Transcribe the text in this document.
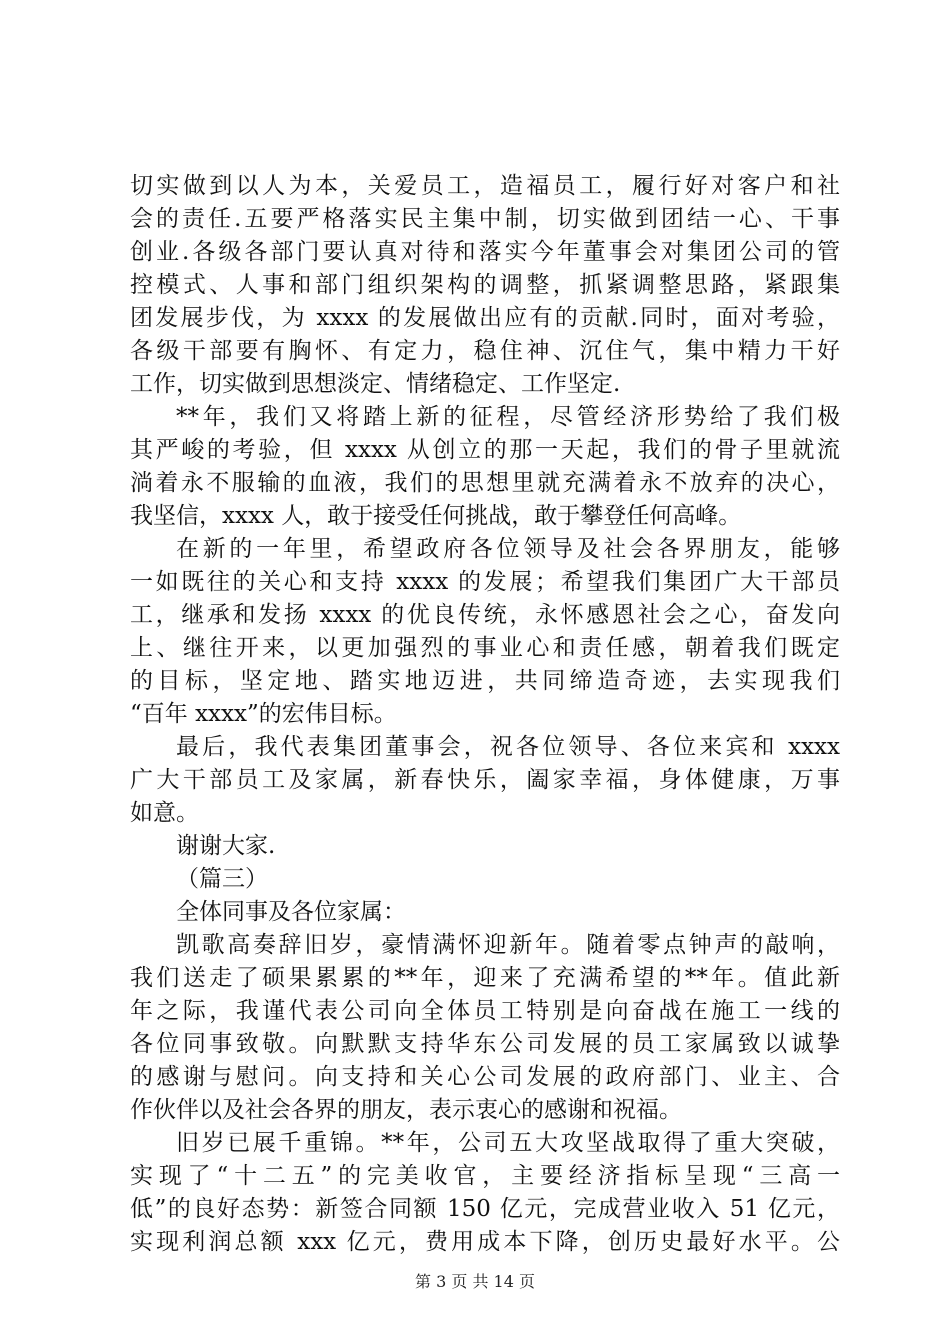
切实做到以人为本，关爱员工，造福员工，履行好对客户和社
会的责任.五要严格落实民主集中制，切实做到团结一心、干事
创业.各级各部门要认真对待和落实今年董事会对集团公司的管
控模式、人事和部门组织架构的调整，抓紧调整思路，紧跟集
团发展步伐，为 xxxx 的发展做出应有的贡献.同时，面对考验，
各级干部要有胸怀、有定力，稳住神、沉住气，集中精力干好
工作，切实做到思想淡定、情绪稳定、工作坚定.
**年，我们又将踏上新的征程，尽管经济形势给了我们极
其严峻的考验，但 xxxx 从创立的那一天起，我们的骨子里就流
淌着永不服输的血液，我们的思想里就充满着永不放弃的决心，
我坚信，xxxx 人，敢于接受任何挑战，敢于攀登任何高峰。
在新的一年里，希望政府各位领导及社会各界朋友，能够
一如既往的关心和支持 xxxx 的发展；希望我们集团广大干部员
工，继承和发扬 xxxx 的优良传统，永怀感恩社会之心，奋发向
上、继往开来，以更加强烈的事业心和责任感，朝着我们既定
的目标，坚定地、踏实地迈进，共同缔造奇迹，去实现我们
“百年 xxxx”的宏伟目标。
最后，我代表集团董事会，祝各位领导、各位来宾和 xxxx
广大干部员工及家属，新春快乐，阖家幸福，身体健康，万事
如意。
谢谢大家.
（篇三）
全体同事及各位家属：
凯歌高奏辞旧岁，豪情满怀迎新年。随着零点钟声的敲响，
我们送走了硕果累累的**年，迎来了充满希望的**年。值此新
年之际，我谨代表公司向全体员工特别是向奋战在施工一线的
各位同事致敬。向默默支持华东公司发展的员工家属致以诚挚
的感谢与慰问。向支持和关心公司发展的政府部门、业主、合
作伙伴以及社会各界的朋友，表示衷心的感谢和祝福。
旧岁已展千重锦。**年，公司五大攻坚战取得了重大突破，
实现了“十二五”的完美收官，主要经济指标呈现“三高一
低”的良好态势：新签合同额 150 亿元，完成营业收入 51 亿元，
实现利润总额 xxx 亿元，费用成本下降，创历史最好水平。公
第 3 页 共 14 页
